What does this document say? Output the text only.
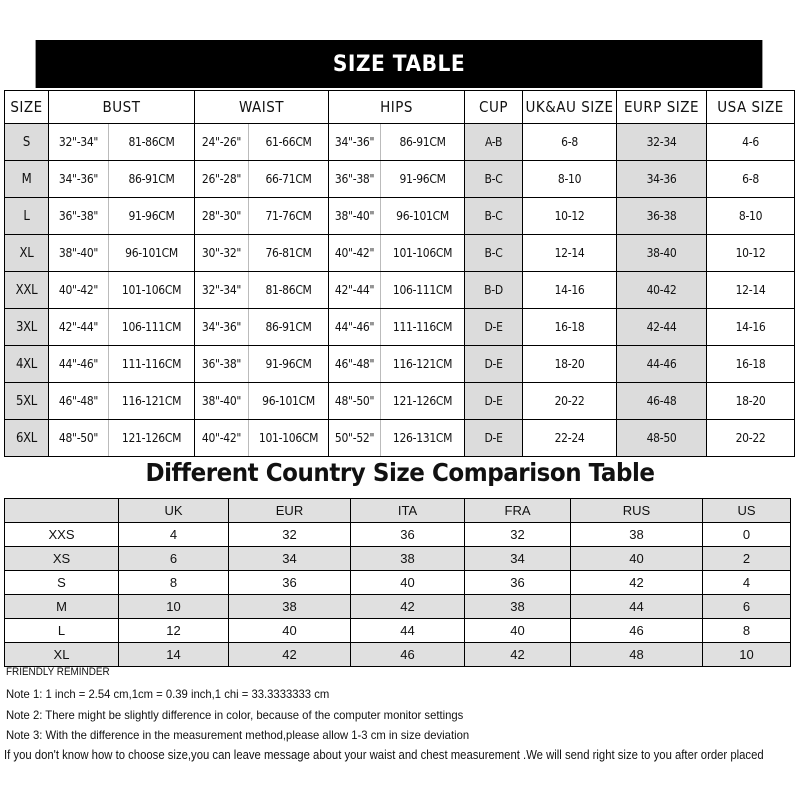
SIZE TABLE
SIZE	BUST		WAIST		HIPS		CUP	UK&AU SIZE	EURP SIZE	USA SIZE
S	32"-34"	81-86CM	24"-26"	61-66CM	34"-36"	86-91CM	A-B	6-8	32-34	4-6
M	34"-36"	86-91CM	26"-28"	66-71CM	36"-38"	91-96CM	B-C	8-10	34-36	6-8
L	36"-38"	91-96CM	28"-30"	71-76CM	38"-40"	96-101CM	B-C	10-12	36-38	8-10
XL	38"-40"	96-101CM	30"-32"	76-81CM	40"-42"	101-106CM	B-C	12-14	38-40	10-12
XXL	40"-42"	101-106CM	32"-34"	81-86CM	42"-44"	106-111CM	B-D	14-16	40-42	12-14
3XL	42"-44"	106-111CM	34"-36"	86-91CM	44"-46"	111-116CM	D-E	16-18	42-44	14-16
4XL	44"-46"	111-116CM	36"-38"	91-96CM	46"-48"	116-121CM	D-E	18-20	44-46	16-18
5XL	46"-48"	116-121CM	38"-40"	96-101CM	48"-50"	121-126CM	D-E	20-22	46-48	18-20
6XL	48"-50"	121-126CM	40"-42"	101-106CM	50"-52"	126-131CM	D-E	22-24	48-50	20-22
Different Country Size Comparison Table
	UK	EUR	ITA	FRA	RUS	US
XXS	4	32	36	32	38	0
XS	6	34	38	34	40	2
S	8	36	40	36	42	4
M	10	38	42	38	44	6
L	12	40	44	40	46	8
XL	14	42	46	42	48	10
FRIENDLY REMINDER
Note 1: 1 inch = 2.54 cm,1cm = 0.39 inch,1 chi = 33.3333333 cm
Note 2: There might be slightly difference in color, because of the computer monitor settings
Note 3: With the difference in the measurement method,please allow 1-3 cm in size deviation
If you don't know how to choose size,you can leave message about your waist and chest measurement .We will send right size to you after order placed
